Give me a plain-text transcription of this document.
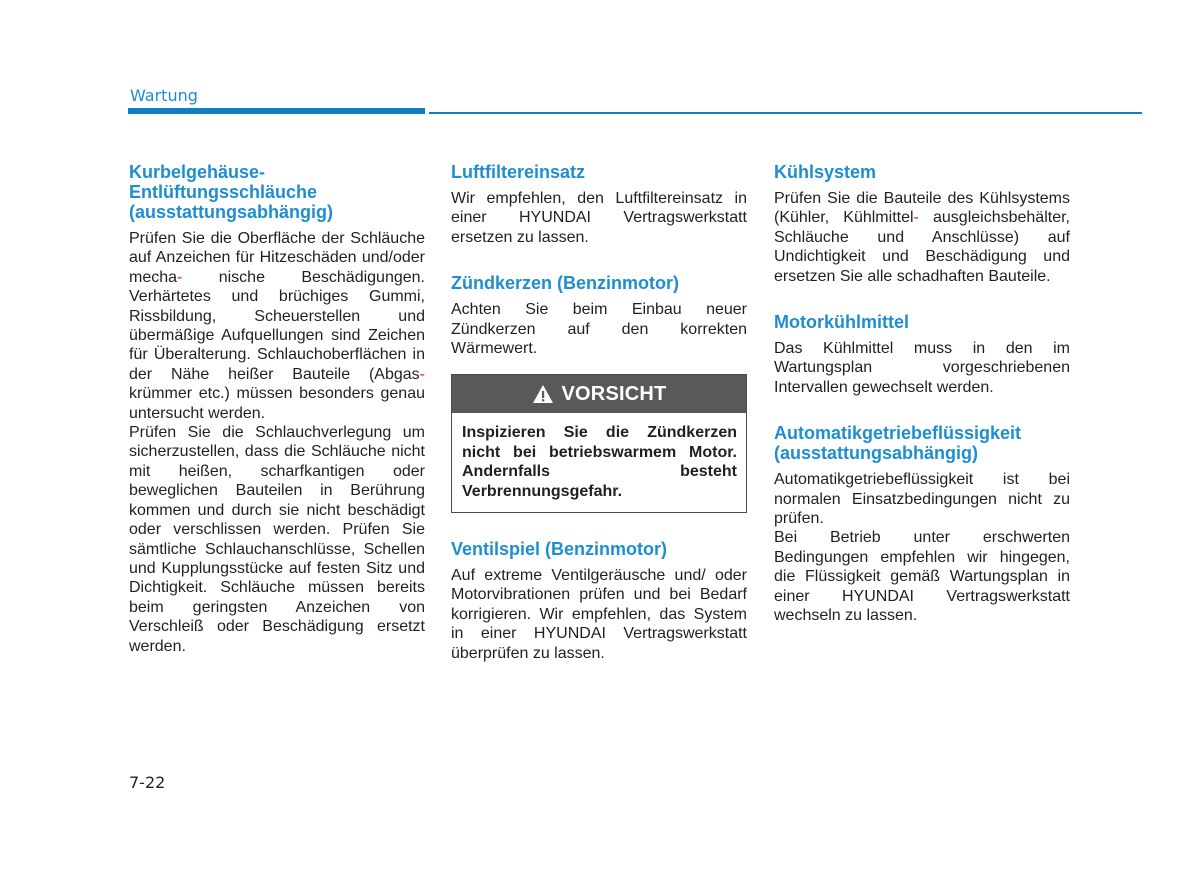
Wartung
Kurbelgehäuse-
Entlüftungsschläuche
(ausstattungsabhängig)

Prüfen Sie die Oberfläche der Schläuche auf Anzeichen für Hitzeschäden und/oder mecha- nische Beschädigungen. Verhärtetes und brüchiges Gummi, Rissbildung, Scheuerstellen und übermäßige Aufquellungen sind Zeichen für Überalterung. Schlauchoberflächen in der Nähe heißer Bauteile (Abgas- krümmer etc.) müssen besonders genau untersucht werden.

Prüfen Sie die Schlauchverlegung um sicherzustellen, dass die Schläuche nicht mit heißen, scharfkantigen oder beweglichen Bauteilen in Berührung kommen und durch sie nicht beschädigt oder verschlissen werden. Prüfen Sie sämtliche Schlauchanschlüsse, Schellen und Kupplungsstücke auf festen Sitz und Dichtigkeit. Schläuche müssen bereits beim geringsten Anzeichen von Verschleiß oder Beschädigung ersetzt werden.

Luftfiltereinsatz

Wir empfehlen, den Luftfiltereinsatz in einer HYUNDAI Vertragswerkstatt ersetzen zu lassen.

Zündkerzen (Benzinmotor)

Achten Sie beim Einbau neuer Zündkerzen auf den korrekten Wärmewert.

VORSICHT
Inspizieren Sie die Zündkerzen nicht bei betriebswarmem Motor. Andernfalls besteht Verbrennungsgefahr.
Ventilspiel (Benzinmotor)

Auf extreme Ventilgeräusche und/ oder Motorvibrationen prüfen und bei Bedarf korrigieren. Wir empfehlen, das System in einer HYUNDAI Vertragswerkstatt überprüfen zu lassen.

Kühlsystem

Prüfen Sie die Bauteile des Kühlsystems (Kühler, Kühlmittel- ausgleichsbehälter, Schläuche und Anschlüsse) auf Undichtigkeit und Beschädigung und ersetzen Sie alle schadhaften Bauteile.

Motorkühlmittel

Das Kühlmittel muss in den im Wartungsplan vorgeschriebenen Intervallen gewechselt werden.

Automatikgetriebeflüssigkeit
(ausstattungsabhängig)

Automatikgetriebeflüssigkeit ist bei normalen Einsatzbedingungen nicht zu prüfen.

Bei Betrieb unter erschwerten Bedingungen empfehlen wir hingegen, die Flüssigkeit gemäß Wartungsplan in einer HYUNDAI Vertragswerkstatt wechseln zu lassen.

7-22
